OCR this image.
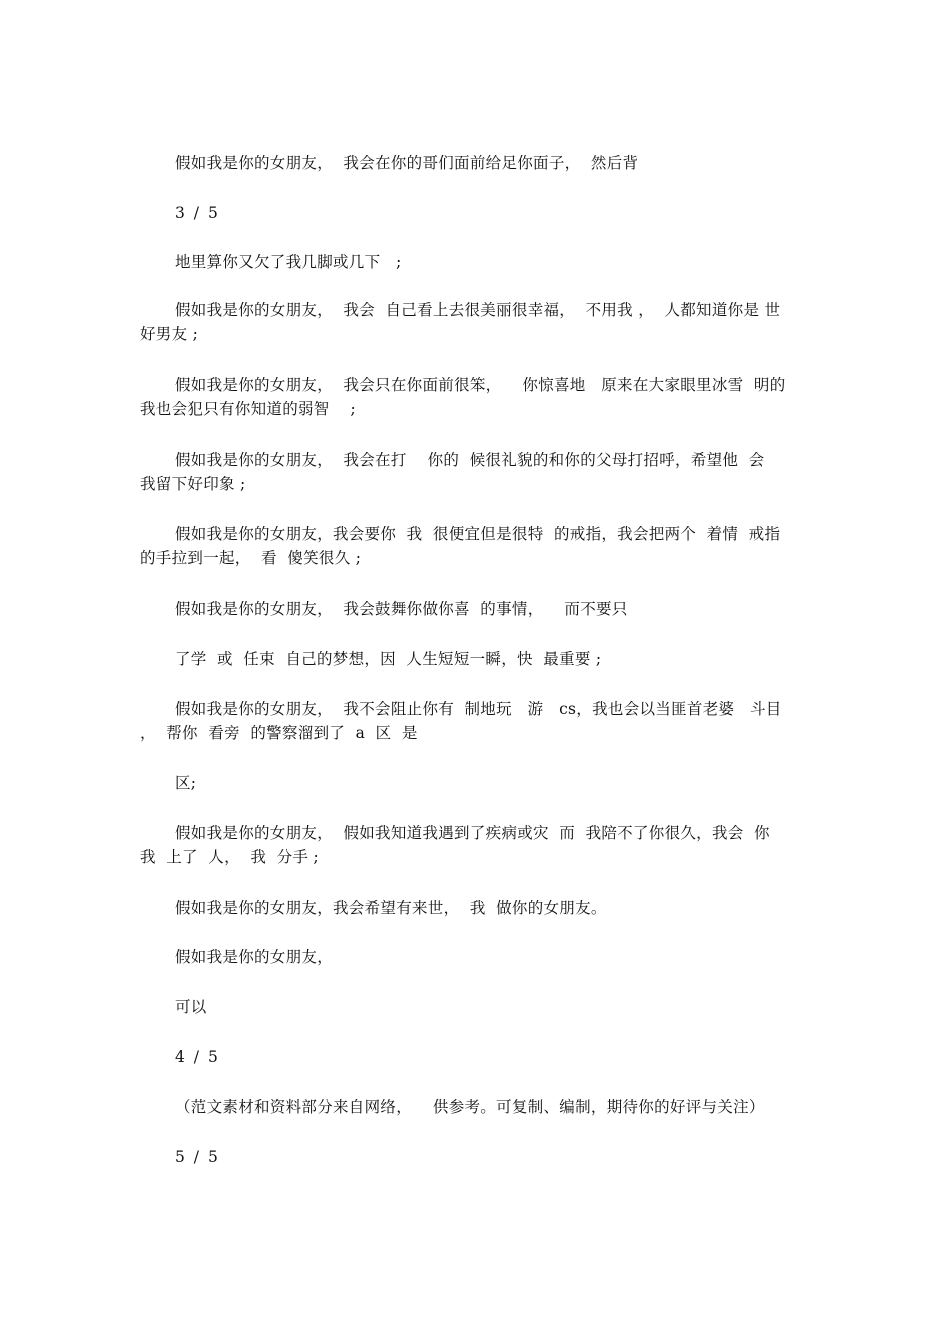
假如我是你的女朋友，  我会在你的哥们面前给足你面子，  然后背
3 / 5
地里算你又欠了我几脚或几下   ;
假如我是你的女朋友，  我会  自己看上去很美丽很幸福，  不用我 ，  人都知道你是 世
好男友 ;
假如我是你的女朋友，  我会只在你面前很笨，    你惊喜地   原来在大家眼里冰雪  明的
我也会犯只有你知道的弱智    ;
假如我是你的女朋友，  我会在打    你的  候很礼貌的和你的父母打招呼，希望他  会
我留下好印象 ;
假如我是你的女朋友，我会要你  我  很便宜但是很特  的戒指，我会把两个  着情  戒指
的手拉到一起，  看  傻笑很久 ;
假如我是你的女朋友，  我会鼓舞你做你喜  的事情，    而不要只
了学  或  任束  自己的梦想，因  人生短短一瞬，快  最重要 ;
假如我是你的女朋友，  我不会阻止你有  制地玩   游   cs，我也会以当匪首老婆   斗目
，  帮你  看旁  的警察溜到了  a  区  是
区;
假如我是你的女朋友，  假如我知道我遇到了疾病或灾  而  我陪不了你很久，我会  你
我  上了  人，  我  分手 ;
假如我是你的女朋友，我会希望有来世，  我  做你的女朋友。
假如我是你的女朋友，
可以
4 / 5
（范文素材和资料部分来自网络，    供参考。可复制、编制，期待你的好评与关注）
5 / 5
